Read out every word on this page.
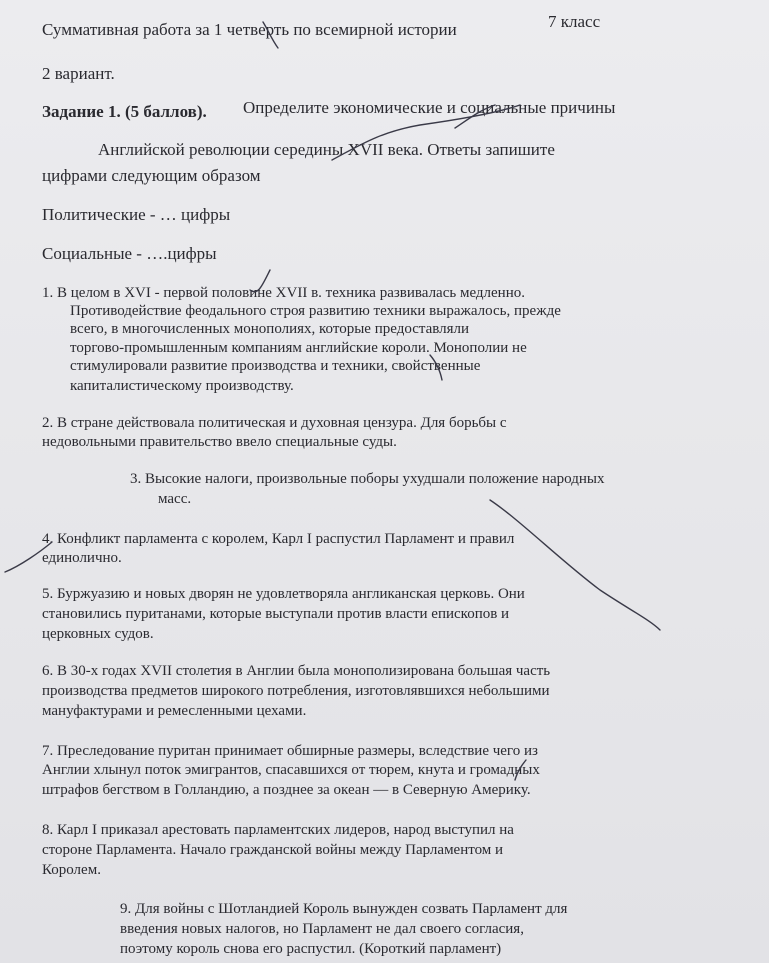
Суммативная работа за 1 четверть по всемирной истории	7 класс
2 вариант.
Задание 1. (5 баллов). Определите экономические и социальные причины
Английской революции середины XVII века. Ответы запишите
цифрами следующим образом
Политические - … цифры
Социальные - ….цифры
1. В целом в XVI - первой половине XVII в. техника развивалась медленно.
Противодействие феодального строя развитию техники выражалось, прежде
всего, в многочисленных монополиях, которые предоставляли
торгово-промышленным компаниям английские короли. Монополии не
стимулировали развитие производства и техники, свойственные
капиталистическому производству.
2. В стране действовала политическая и духовная цензура. Для борьбы с
недовольными правительство ввело специальные суды.
3. Высокие налоги, произвольные поборы ухудшали положение народных
масс.
4. Конфликт парламента с королем, Карл I распустил Парламент и правил
единолично.
5. Буржуазию и новых дворян не удовлетворяла англиканская церковь. Они
становились пуританами, которые выступали против власти епископов и
церковных судов.
6. В 30-х годах XVII столетия в Англии была монополизирована большая часть
производства предметов широкого потребления, изготовлявшихся небольшими
мануфактурами и ремесленными цехами.
7. Преследование пуритан принимает обширные размеры, вследствие чего из
Англии хлынул поток эмигрантов, спасавшихся от тюрем, кнута и громадных
штрафов бегством в Голландию, а позднее за океан — в Северную Америку.
8. Карл I приказал арестовать парламентских лидеров, народ выступил на
стороне Парламента. Начало гражданской войны между Парламентом и
Королем.
9. Для войны с Шотландией Король вынужден созвать Парламент для
введения новых налогов, но Парламент не дал своего согласия,
поэтому король снова его распустил. (Короткий парламент)
